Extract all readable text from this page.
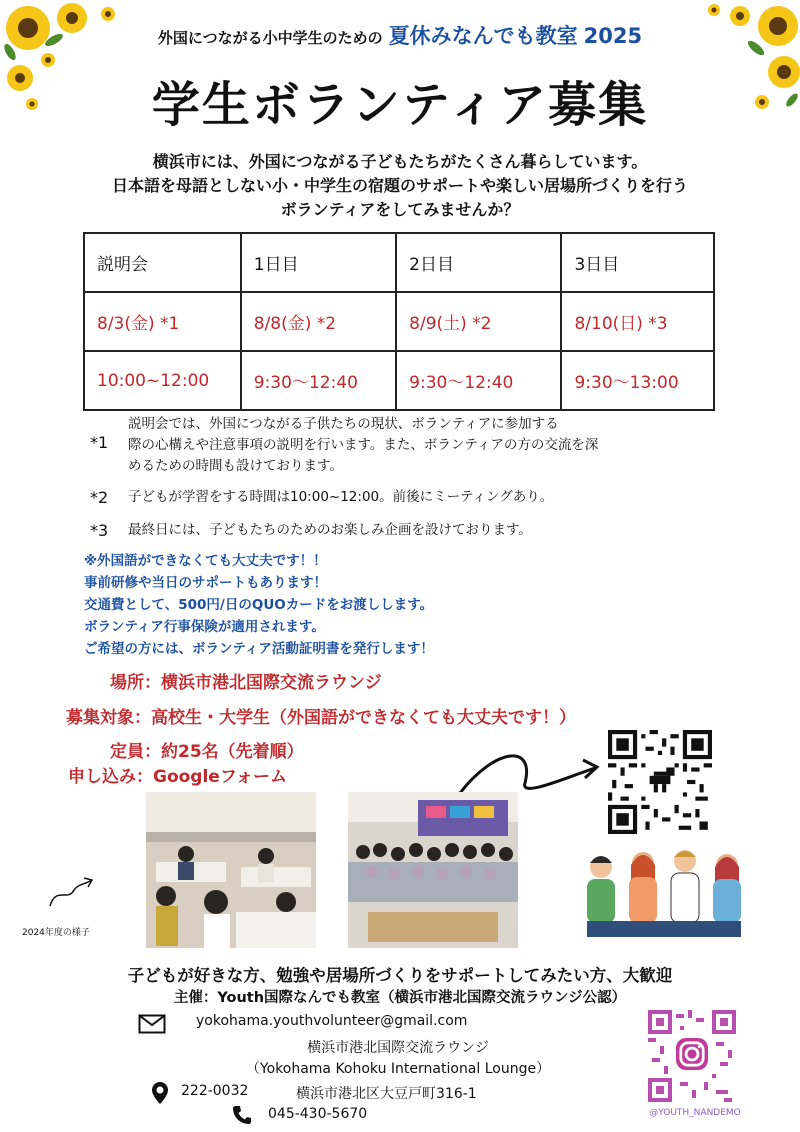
外国につながる小中学生のための 夏休みなんでも教室 2025
学生ボランティア募集
横浜市には、外国につながる子どもたちがたくさん暮らしています。
日本語を母語としない小・中学生の宿題のサポートや楽しい居場所づくりを行う
ボランティアをしてみませんか？
説明会	1日目	2日目	3日目
8/3(金) *1	8/8(金) *2	8/9(土) *2	8/10(日) *3
10:00~12:00	9:30〜12:40	9:30〜12:40	9:30〜13:00
*1
説明会では、外国につながる子供たちの現状、ボランティアに参加する
際の心構えや注意事項の説明を行います。また、ボランティアの方の交流を深
めるための時間も設けております。
*2 子どもが学習をする時間は10:00~12:00。前後にミーティングあり。
*3 最終日には、子どもたちのためのお楽しみ企画を設けております。
※外国語ができなくても大丈夫です！！
事前研修や当日のサポートもあります！
交通費として、500円/日のQUOカードをお渡しします。
ボランティア行事保険が適用されます。
ご希望の方には、ボランティア活動証明書を発行します！
場所：横浜市港北国際交流ラウンジ
募集対象：高校生・大学生（外国語ができなくても大丈夫です！）
定員：約25名（先着順）
申し込み：Googleフォーム
2024年度の様子
子どもが好きな方、勉強や居場所づくりをサポートしてみたい方、大歓迎
主催：Youth国際なんでも教室（横浜市港北国際交流ラウンジ公認）
yokohama.youthvolunteer@gmail.com
横浜市港北国際交流ラウンジ
（Yokohama Kohoku International Lounge）
222-0032	横浜市港北区大豆戸町316-1
045-430-5670	@YOUTH_NANDEMO
